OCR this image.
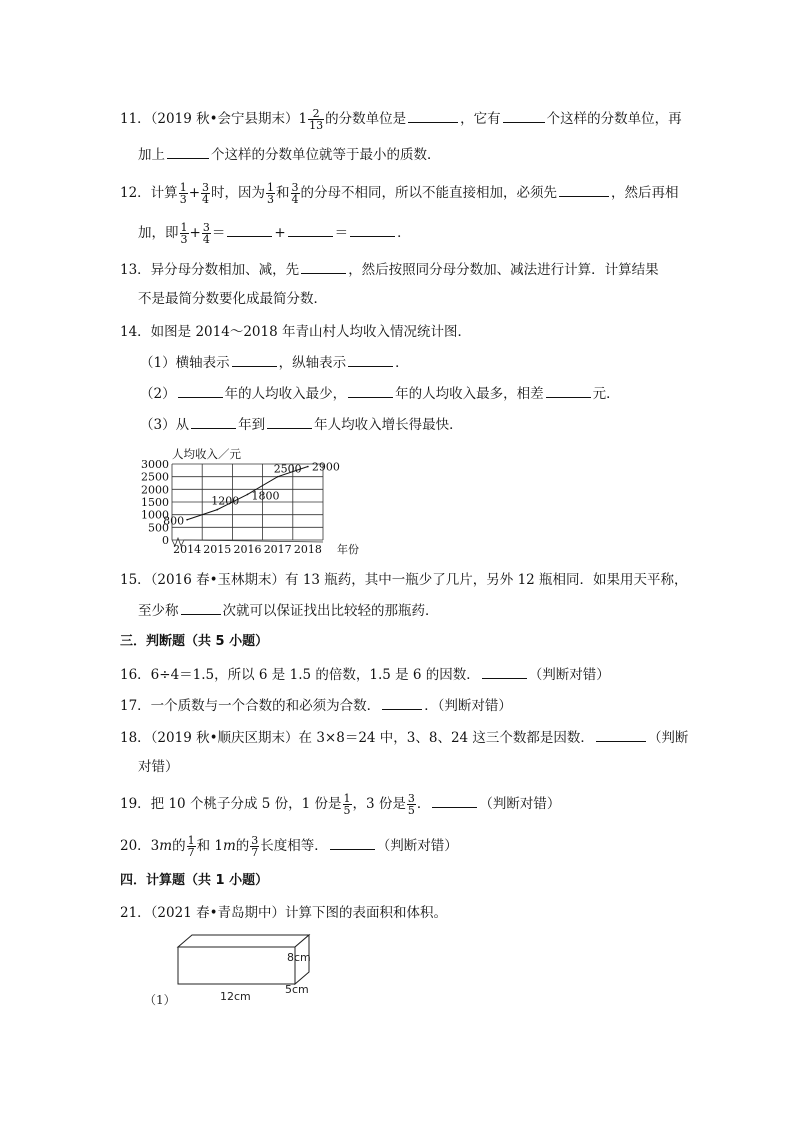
11．（2019 秋•会宁县期末）$1 \frac{2}{13}$ 的分数单位是	，它有	个这样的分数单位，再
加上	个这样的分数单位就等于最小的质数．
12．计算 $\frac{1}{3} + \frac{3}{4}$ 时，因为 $\frac{1}{3}$ 和 $\frac{3}{4}$ 的分母不相同，所以不能直接相加，必须先	，然后再相
加，即 $\frac{1}{3} + \frac{3}{4}$ ＝	+	＝	．
13．异分母分数相加、减，先	，然后按照同分母分数加、减法进行计算．计算结果
不是最简分数要化成最简分数．
14．如图是 2014～2018 年青山村人均收入情况统计图．
（1）横轴表示	，纵轴表示	．
（2）	年的人均收入最少，	年的人均收入最多，相差	元．
（3）从	年到	年人均收入增长得最快．
0
500
1000
1500
2000
2500
3000
人均收入／元
2014 2015 2016 2017 2018 年份
800
1200 1800
2500 2900
15．（2016 春•玉林期末）有 13 瓶药，其中一瓶少了几片，另外 12 瓶相同．如果用天平称，
至少称	次就可以保证找出比较轻的那瓶药．
三．判断题（共 5 小题）
16．6÷4＝1.5，所以 6 是 1.5 的倍数，1.5 是 6 的因数．	（判断对错）
17．一个质数与一个合数的和必须为合数．	．（判断对错）
18．（2019 秋•顺庆区期末）在 3×8＝24 中，3、8、24 这三个数都是因数．	（判断
对错）
19．把 10 个桃子分成 5 份，1 份是 $\frac{1}{5}$ ，3 份是 $\frac{3}{5}$ ．	（判断对错）
20．3m的 $\frac{1}{7}$ 和 1m的 $\frac{3}{7}$ 长度相等．	（判断对错）
四．计算题（共 1 小题）
21．（2021 春•青岛期中）计算下图的表面积和体积。
8cm
5cm
12cm
（1）
